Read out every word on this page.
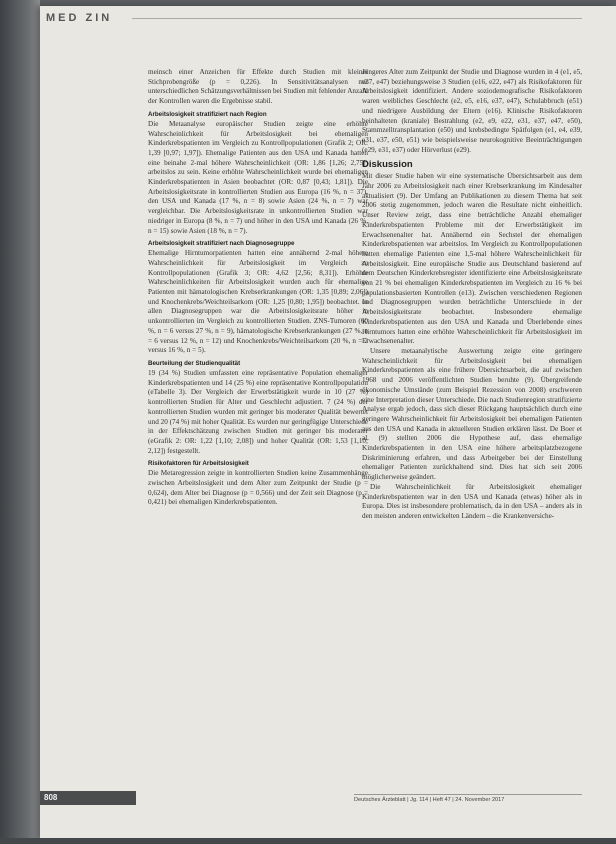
MED ZIN

meinsch einer Anzeichen für Effekte durch Studien mit kleiner Stichprobengröße (p = 0,226). In Sensitivitätsanalysen mit unterschiedlichen Schätzungsverhältnissen bei Studien mit fehlender Anzahl der Kontrollen waren die Ergebnisse stabil.

Arbeitslosigkeit stratifiziert nach Region

Die Metaanalyse europäischer Studien zeigte eine erhöhte Wahrscheinlichkeit für Arbeitslosigkeit bei ehemaligen Kinderkrebspatienten im Vergleich zu Kontrollpopulationen (Grafik 2; OR: 1,39 [0,97; 1,97]). Ehemalige Patienten aus den USA und Kanada hatten eine beinahe 2-mal höhere Wahrscheinlichkeit (OR: 1,86 [1,26; 2,75]) arbeitslos zu sein. Keine erhöhte Wahrscheinlichkeit wurde bei ehemaligen Kinderkrebspatienten in Asien beobachtet (OR: 0,87 [0,43; 1,81]). Die Arbeitslosigkeitsrate in kontrollierten Studien aus Europa (16 %, n = 37), den USA und Kanada (17 %, n = 8) sowie Asien (24 %, n = 7) war vergleichbar. Die Arbeitslosigkeitsrate in unkontrollierten Studien war niedriger in Europa (8 %, n = 7) und höher in den USA und Kanada (26 %, n = 15) sowie Asien (18 %, n = 7).

Arbeitslosigkeit stratifiziert nach Diagnosegruppe

Ehemalige Hirntumorpatienten hatten eine annähernd 2-mal höhere Wahrscheinlichkeit für Arbeitslosigkeit im Vergleich zu Kontrollpopulationen (Grafik 3; OR: 4,62 [2,56; 8,31]). Erhöhte Wahrscheinlichkeiten für Arbeitslosigkeit wurden auch für ehemalige Patienten mit hämatologischen Krebserkrankungen (OR: 1,35 [0,89; 2,06]) und Knochenkrebs/Weichteilsarkom (OR: 1,25 [0,80; 1,95]) beobachtet. In allen Diagnosegruppen war die Arbeitslosigkeitsrate höher in unkontrollierten im Vergleich zu kontrollierten Studien. ZNS-Tumoren (60 %, n = 6 versus 27 %, n = 9), hämatologische Krebserkrankungen (27 %, n = 6 versus 12 %, n = 12) und Knochenkrebs/Weichteilsarkom (20 %, n = 2 versus 16 %, n = 5).

Beurteilung der Studienqualität

19 (34 %) Studien umfassten eine repräsentative Population ehemaliger Kinderkrebspatienten und 14 (25 %) eine repräsentative Kontrollpopulation (eTabelle 3). Der Vergleich der Erwerbstätigkeit wurde in 10 (27 %) kontrollierten Studien für Alter und Geschlecht adjustiert. 7 (24 %) der kontrollierten Studien wurden mit geringer bis moderater Qualität bewertet und 20 (74 %) mit hoher Qualität. Es wurden nur geringfügige Unterschiede in der Effektschätzung zwischen Studien mit geringer bis moderater (eGrafik 2: OR: 1,22 [1,10; 2,08]) und hoher Qualität (OR: 1,53 [1,10; 2,12]) festgestellt.

Risikofaktoren für Arbeitslosigkeit

Die Metaregression zeigte in kontrollierten Studien keine Zusammenhänge zwischen Arbeitslosigkeit und dem Alter zum Zeitpunkt der Studie (p = 0,624), dem Alter bei Diagnose (p = 0,566) und der Zeit seit Diagnose (p = 0,421) bei ehemaligen Kinderkrebspatienten.

Jüngeres Alter zum Zeitpunkt der Studie und Diagnose wurden in 4 (e1, e5, e37, e47) beziehungsweise 3 Studien (e16, e22, e47) als Risikofaktoren für Arbeitslosigkeit identifiziert. Andere soziodemografische Risikofaktoren waren weibliches Geschlecht (e2, e5, e16, e37, e47), Schulabbruch (e51) und niedrigere Ausbildung der Eltern (e16). Klinische Risikofaktoren beinhalteten (kraniale) Bestrahlung (e2, e9, e22, e31, e37, e47, e50), Stammzelltransplantation (e50) und krebsbedingte Spätfolgen (e1, e4, e39, e31, e37, e50, e51) wie beispielsweise neurokognitive Beeinträchtigungen (e29, e31, e37) oder Hörverlust (e29).

Diskussion

Mit dieser Studie haben wir eine systematische Übersichtsarbeit aus dem Jahr 2006 zu Arbeitslosigkeit nach einer Krebserkrankung im Kindesalter aktualisiert (9). Der Umfang an Publikationen zu diesem Thema hat seit 2006 stetig zugenommen, jedoch waren die Resultate nicht einheitlich. Unser Review zeigt, dass eine beträchtliche Anzahl ehemaliger Kinderkrebspatienten Probleme mit der Erwerbstätigkeit im Erwachsenenalter hat. Annähernd ein Sechstel der ehemaligen Kinderkrebspatienten war arbeitslos. Im Vergleich zu Kontrollpopulationen hatten ehemalige Patienten eine 1,5-mal höhere Wahrscheinlichkeit für Arbeitslosigkeit. Eine europäische Studie aus Deutschland basierend auf dem Deutschen Kinderkrebsregister identifizierte eine Arbeitslosigkeitsrate von 21 % bei ehemaligen Kinderkrebspatienten im Vergleich zu 16 % bei populationsbasierten Kontrollen (e13). Zwischen verschiedenen Regionen und Diagnosegruppen wurden beträchtliche Unterschiede in der Arbeitslosigkeitsrate beobachtet. Insbesondere ehemalige Kinderkrebspatienten aus den USA und Kanada und Überlebende eines Hirntumors hatten eine erhöhte Wahrscheinlichkeit für Arbeitslosigkeit im Erwachsenenalter.

Unsere metaanalytische Auswertung zeigte eine geringere Wahrscheinlichkeit für Arbeitslosigkeit bei ehemaligen Kinderkrebspatienten als eine frühere Übersichtsarbeit, die auf zwischen 1968 und 2006 veröffentlichten Studien beruhte (9). Übergreifende ökonomische Umstände (zum Beispiel Rezession von 2008) erschweren eine Interpretation dieser Unterschiede. Die nach Studienregion stratifizierte Analyse ergab jedoch, dass sich dieser Rückgang hauptsächlich durch eine geringere Wahrscheinlichkeit für Arbeitslosigkeit bei ehemaligen Patienten aus den USA und Kanada in aktuelleren Studien erklären lässt. De Boer et al. (9) stellten 2006 die Hypothese auf, dass ehemalige Kinderkrebspatienten in den USA eine höhere arbeitsplatzbezogene Diskriminierung erfahren, und dass Arbeitgeber bei der Einstellung ehemaliger Patienten zurückhaltend sind. Dies hat sich seit 2006 möglicherweise geändert.

Die Wahrscheinlichkeit für Arbeitslosigkeit ehemaliger Kinderkrebspatienten war in den USA und Kanada (etwas) höher als in Europa. Dies ist insbesondere problematisch, da in den USA – anders als in den meisten anderen entwickelten Ländern – die Krankenversiche-

808	Deutsches Ärzteblatt | Jg. 114 | Heft 47 | 24. November 2017
